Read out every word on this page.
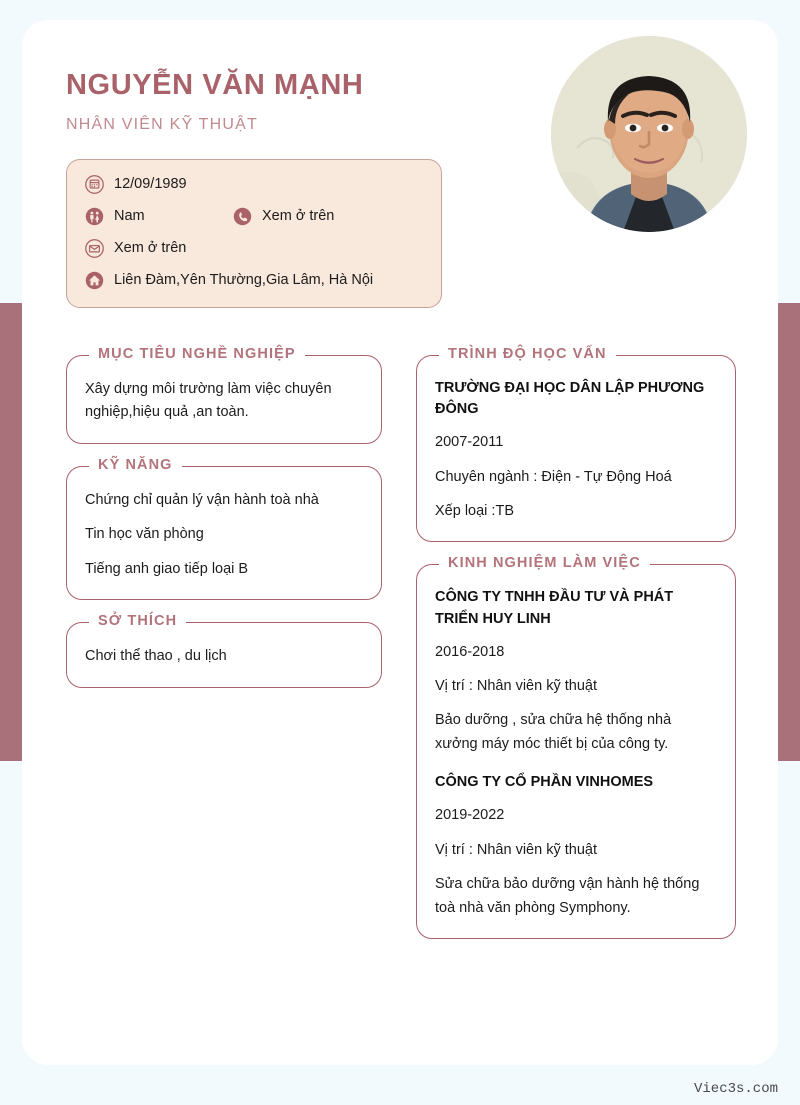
NGUYỄN VĂN MẠNH
NHÂN VIÊN KỸ THUẬT
12/09/1989
Nam	Xem ở trên
Xem ở trên
Liên Đàm,Yên Thường,Gia Lâm, Hà Nội
MỤC TIÊU NGHỀ NGHIỆP

Xây dựng môi trường làm việc chuyên nghiệp,hiệu quả ,an toàn.

KỸ NĂNG

Chứng chỉ quản lý vận hành toà nhà

Tin học văn phòng

Tiếng anh giao tiếp loại B

SỞ THÍCH

Chơi thể thao , du lịch

TRÌNH ĐỘ HỌC VẤN

TRƯỜNG ĐẠI HỌC DÂN LẬP PHƯƠNG ĐÔNG

2007-2011

Chuyên ngành : Điện - Tự Động Hoá

Xếp loại :TB

KINH NGHIỆM LÀM VIỆC

CÔNG TY TNHH ĐẦU TƯ VÀ PHÁT TRIỂN HUY LINH

2016-2018

Vị trí : Nhân viên kỹ thuật

Bảo dưỡng , sửa chữa hệ thống nhà xưởng máy móc thiết bị của công ty.

CÔNG TY CỔ PHẦN VINHOMES

2019-2022

Vị trí : Nhân viên kỹ thuật

Sửa chữa bảo dưỡng vận hành hệ thống toà nhà văn phòng Symphony.

Viec3s.com
